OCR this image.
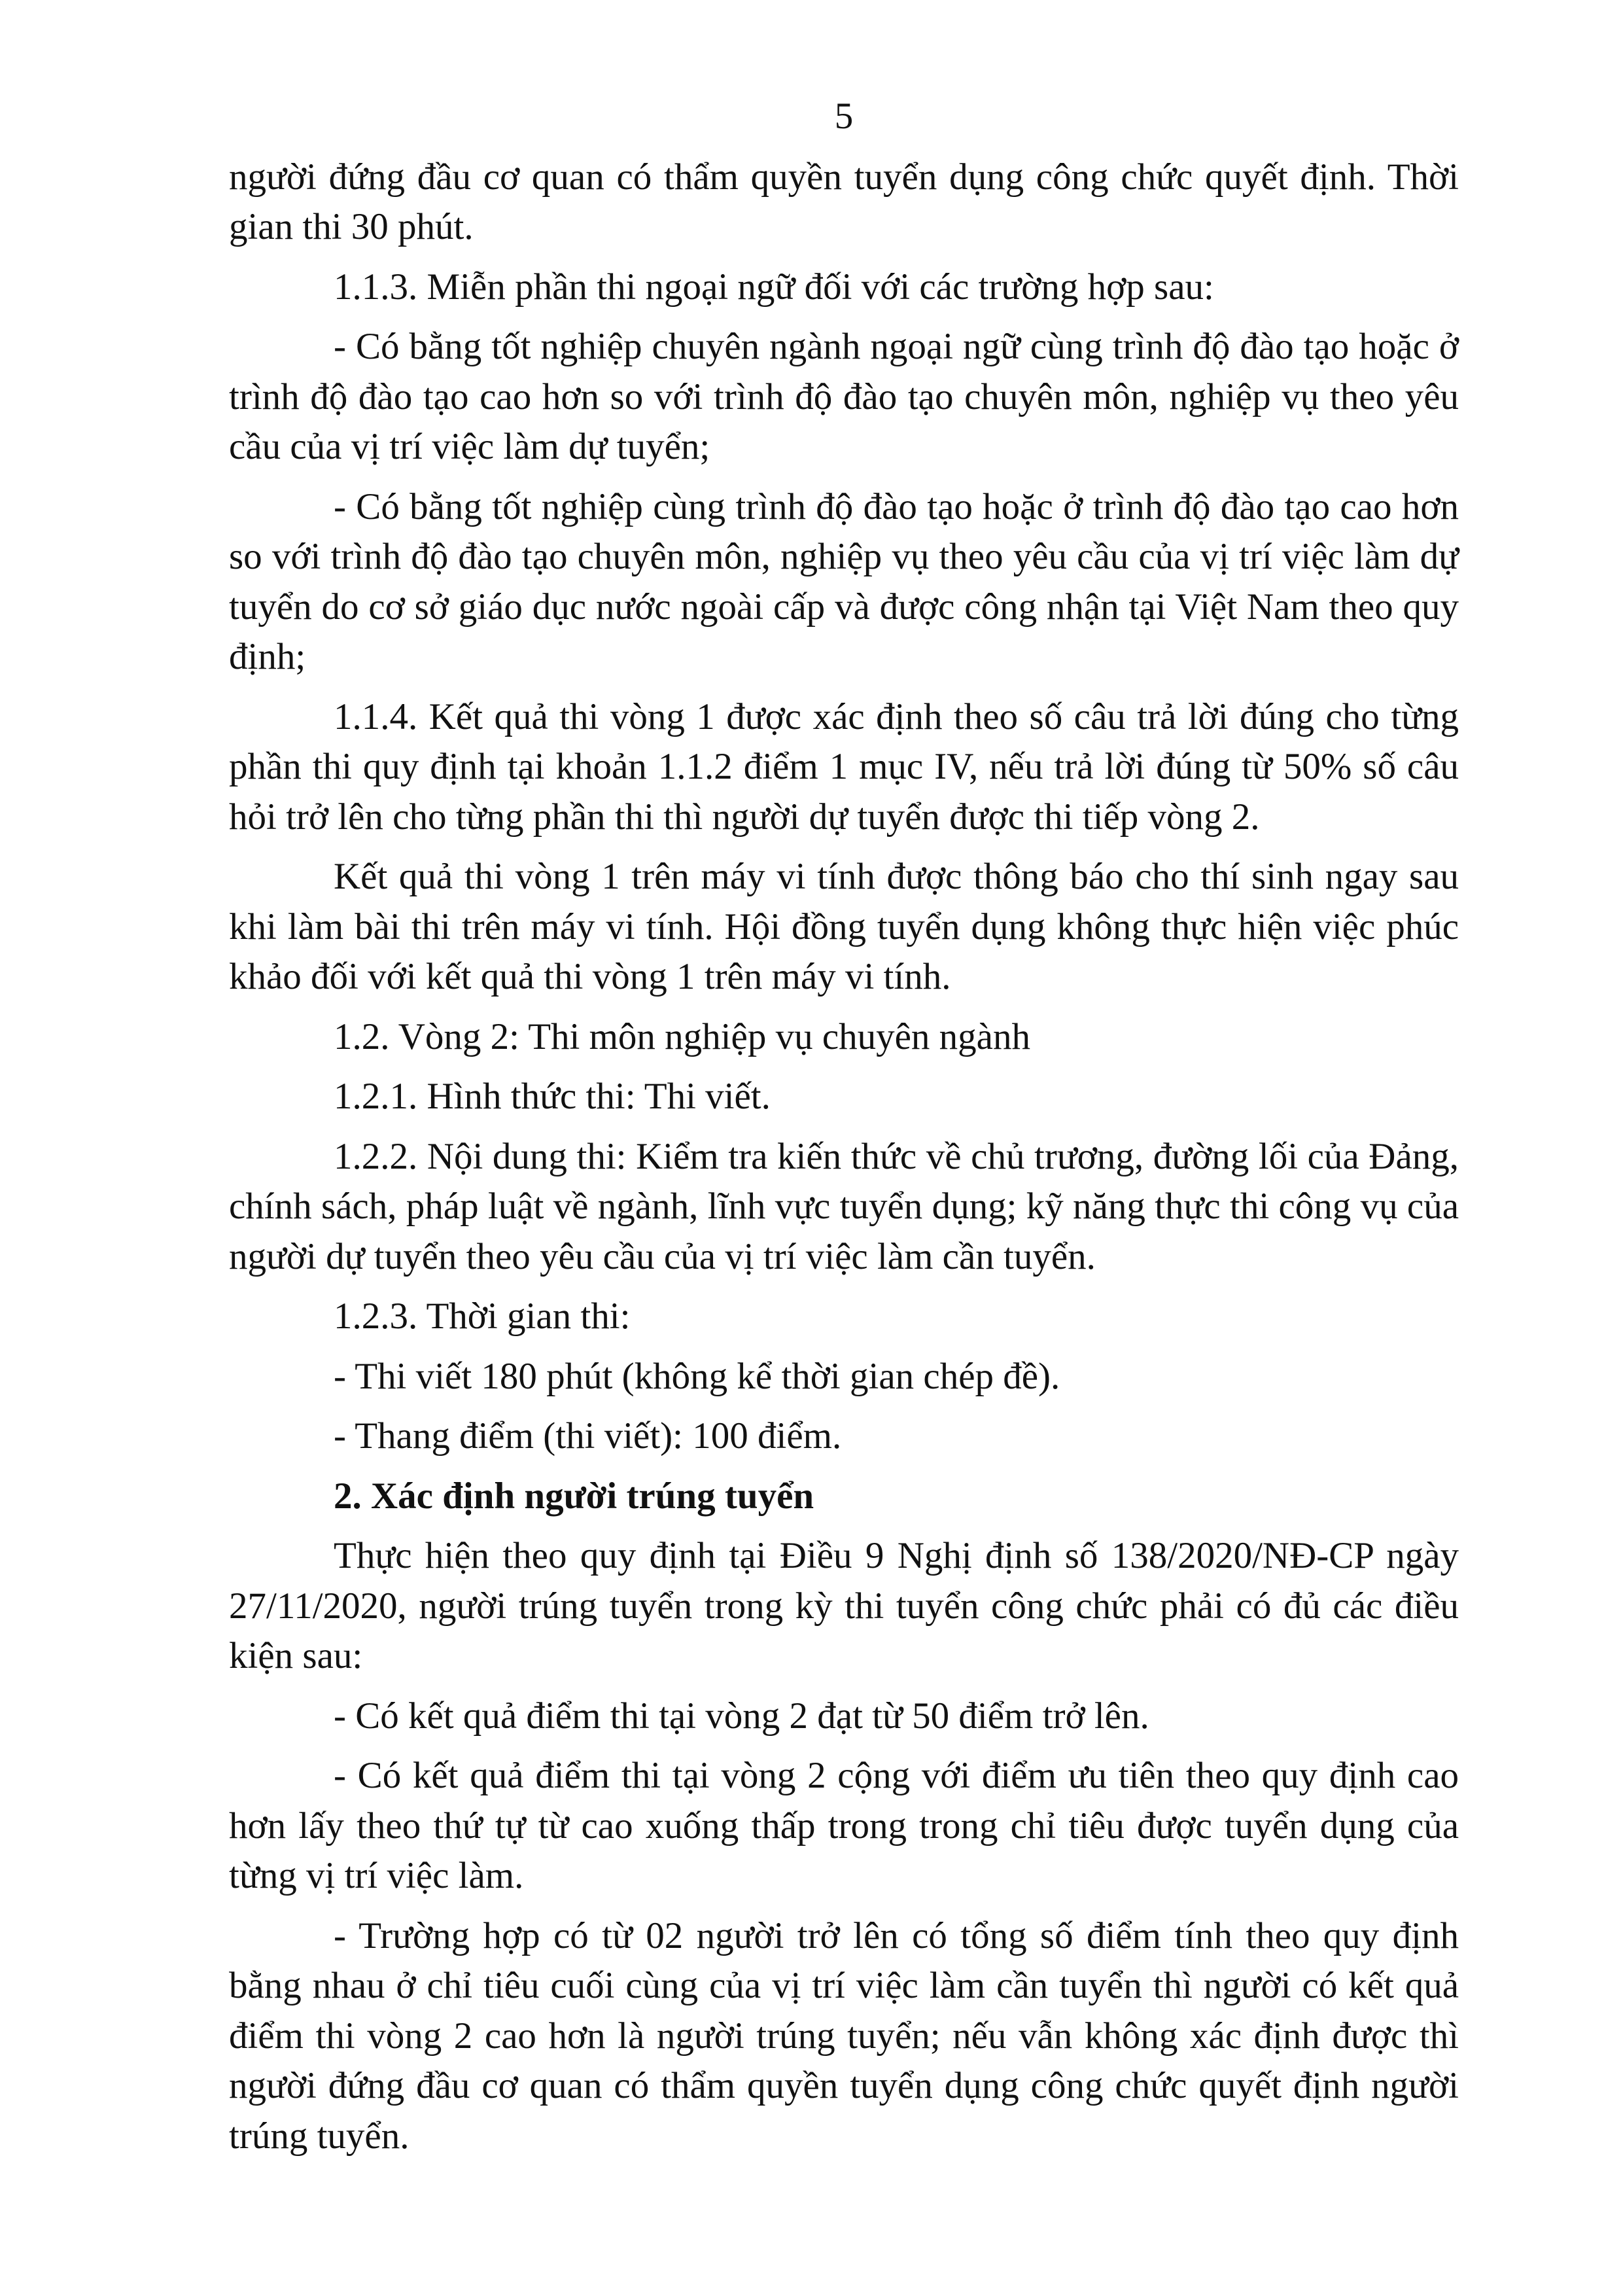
5

người đứng đầu cơ quan có thẩm quyền tuyển dụng công chức quyết định. Thời gian thi 30 phút.

1.1.3. Miễn phần thi ngoại ngữ đối với các trường hợp sau:

- Có bằng tốt nghiệp chuyên ngành ngoại ngữ cùng trình độ đào tạo hoặc ở trình độ đào tạo cao hơn so với trình độ đào tạo chuyên môn, nghiệp vụ theo yêu cầu của vị trí việc làm dự tuyển;

- Có bằng tốt nghiệp cùng trình độ đào tạo hoặc ở trình độ đào tạo cao hơn so với trình độ đào tạo chuyên môn, nghiệp vụ theo yêu cầu của vị trí việc làm dự tuyển do cơ sở giáo dục nước ngoài cấp và được công nhận tại Việt Nam theo quy định;

1.1.4. Kết quả thi vòng 1 được xác định theo số câu trả lời đúng cho từng phần thi quy định tại khoản 1.1.2 điểm 1 mục IV, nếu trả lời đúng từ 50% số câu hỏi trở lên cho từng phần thi thì người dự tuyển được thi tiếp vòng 2.

Kết quả thi vòng 1 trên máy vi tính được thông báo cho thí sinh ngay sau khi làm bài thi trên máy vi tính. Hội đồng tuyển dụng không thực hiện việc phúc khảo đối với kết quả thi vòng 1 trên máy vi tính.

1.2. Vòng 2: Thi môn nghiệp vụ chuyên ngành

1.2.1. Hình thức thi: Thi viết.

1.2.2. Nội dung thi: Kiểm tra kiến thức về chủ trương, đường lối của Đảng, chính sách, pháp luật về ngành, lĩnh vực tuyển dụng; kỹ năng thực thi công vụ của người dự tuyển theo yêu cầu của vị trí việc làm cần tuyển.

1.2.3. Thời gian thi:

- Thi viết 180 phút (không kể thời gian chép đề).

- Thang điểm (thi viết): 100 điểm.

2. Xác định người trúng tuyển

Thực hiện theo quy định tại Điều 9 Nghị định số 138/2020/NĐ-CP ngày 27/11/2020, người trúng tuyển trong kỳ thi tuyển công chức phải có đủ các điều kiện sau:

- Có kết quả điểm thi tại vòng 2 đạt từ 50 điểm trở lên.

- Có kết quả điểm thi tại vòng 2 cộng với điểm ưu tiên theo quy định cao hơn lấy theo thứ tự từ cao xuống thấp trong trong chỉ tiêu được tuyển dụng của từng vị trí việc làm.

- Trường hợp có từ 02 người trở lên có tổng số điểm tính theo quy định bằng nhau ở chỉ tiêu cuối cùng của vị trí việc làm cần tuyển thì người có kết quả điểm thi vòng 2 cao hơn là người trúng tuyển; nếu vẫn không xác định được thì người đứng đầu cơ quan có thẩm quyền tuyển dụng công chức quyết định người trúng tuyển.
